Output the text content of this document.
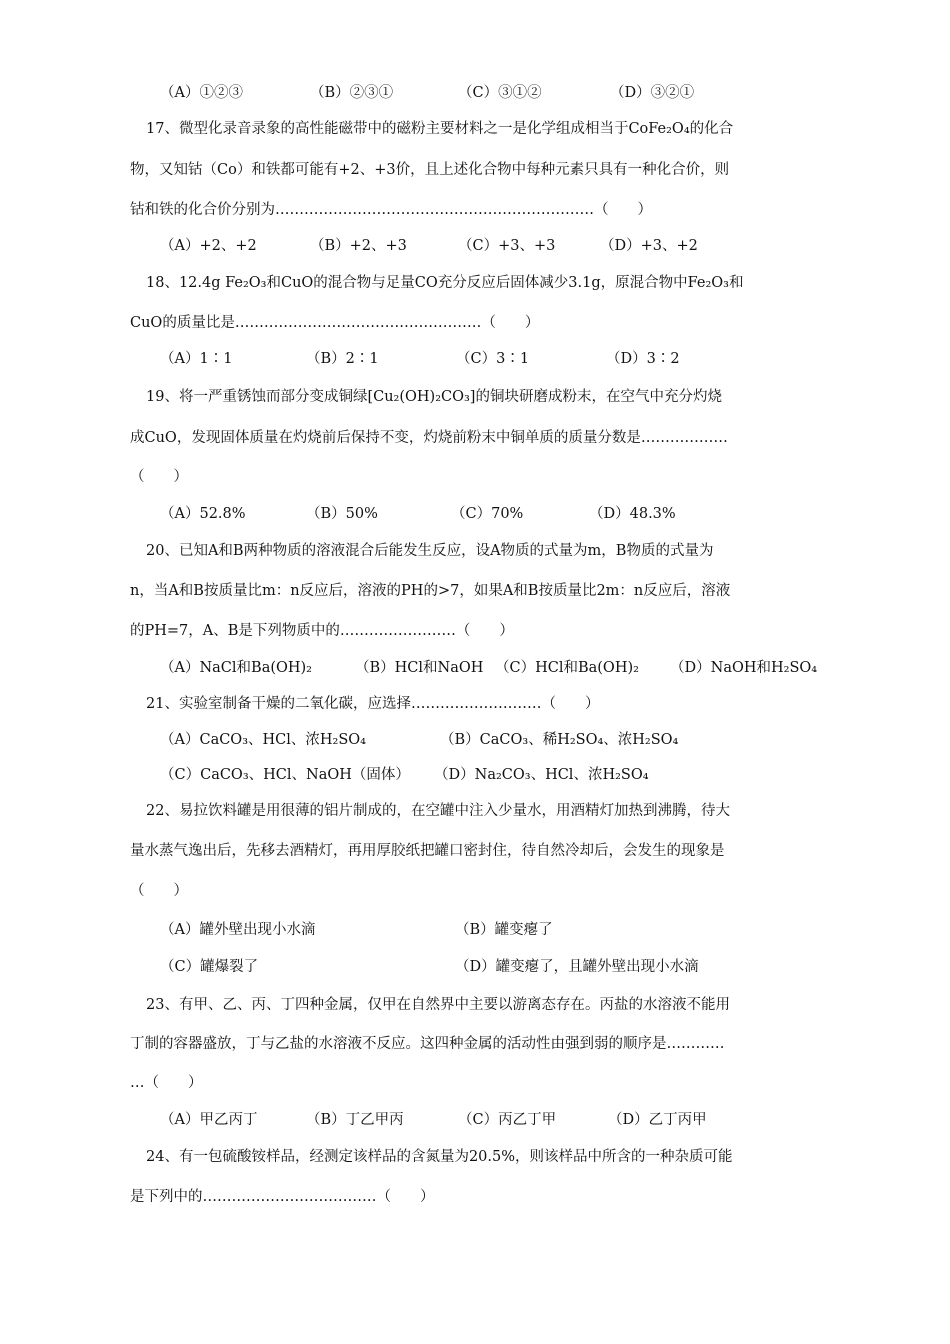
（A）①②③	（B）②③①	（C）③①②	（D）③②①
17、微型化录音录象的高性能磁带中的磁粉主要材料之一是化学组成相当于CoFe₂O₄的化合
物，又知钴（Co）和铁都可能有+2、+3价，且上述化合物中每种元素只具有一种化合价，则
钴和铁的化合价分别为…………………………………………………………（　　）
（A）+2、+2	（B）+2、+3	（C）+3、+3	（D）+3、+2
18、12.4g Fe₂O₃和CuO的混合物与足量CO充分反应后固体减少3.1g，原混合物中Fe₂O₃和
CuO的质量比是……………………………………………（　　）
（A）1∶1	（B）2∶1	（C）3∶1	（D）3∶2
19、将一严重锈蚀而部分变成铜绿[Cu₂(OH)₂CO₃]的铜块研磨成粉末，在空气中充分灼烧
成CuO，发现固体质量在灼烧前后保持不变，灼烧前粉末中铜单质的质量分数是………………
（　　）
（A）52.8%	（B）50%	（C）70%	（D）48.3%
20、已知A和B两种物质的溶液混合后能发生反应，设A物质的式量为m，B物质的式量为
n，当A和B按质量比m：n反应后，溶液的PH的>7，如果A和B按质量比2m：n反应后，溶液
的PH=7，A、B是下列物质中的……………………（　　）
（A）NaCl和Ba(OH)₂	（B）HCl和NaOH （C）HCl和Ba(OH)₂	（D）NaOH和H₂SO₄
21、实验室制备干燥的二氧化碳，应选择………………………（　　）
（A）CaCO₃、HCl、浓H₂SO₄	（B）CaCO₃、稀H₂SO₄、浓H₂SO₄
（C）CaCO₃、HCl、NaOH（固体） （D）Na₂CO₃、HCl、浓H₂SO₄
22、易拉饮料罐是用很薄的铝片制成的，在空罐中注入少量水，用酒精灯加热到沸腾，待大
量水蒸气逸出后，先移去酒精灯，再用厚胶纸把罐口密封住，待自然冷却后，会发生的现象是
（　　）
（A）罐外壁出现小水滴	（B）罐变瘪了
（C）罐爆裂了	（D）罐变瘪了，且罐外壁出现小水滴
23、有甲、乙、丙、丁四种金属，仅甲在自然界中主要以游离态存在。丙盐的水溶液不能用
丁制的容器盛放，丁与乙盐的水溶液不反应。这四种金属的活动性由强到弱的顺序是…………
…（　　）
（A）甲乙丙丁	（B）丁乙甲丙	（C）丙乙丁甲	（D）乙丁丙甲
24、有一包硫酸铵样品，经测定该样品的含氮量为20.5%，则该样品中所含的一种杂质可能
是下列中的………………………………（　　）
